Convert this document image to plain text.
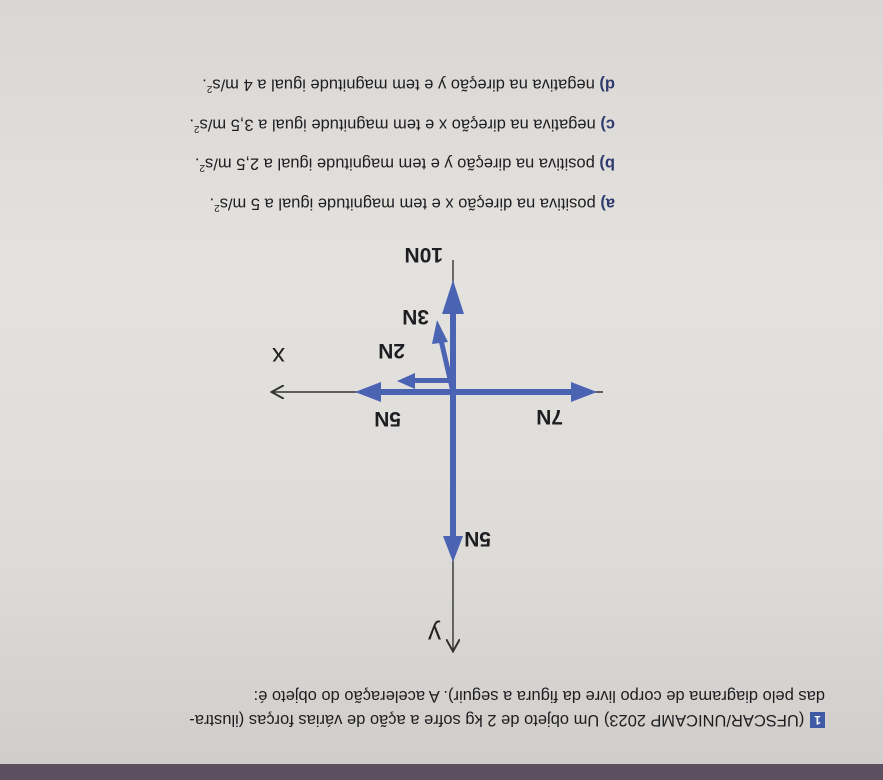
1(UFSCAR/UNICAMP 2023) Um objeto de 2 kg sofre a ação de várias forças (ilustra-
das pelo diagrama de corpo livre da figura a seguir). A aceleração do objeto é:
y
x
5N
7N
5N
2N
3N
10N
a) positiva na direção x e tem magnitude igual a 5 $m/s^2$.
b) positiva na direção y e tem magnitude igual a 2,5 $m/s^2$.
c) negativa na direção x e tem magnitude igual a 3,5 $m/s^2$.
d) negativa na direção y e tem magnitude igual a 4 $m/s^2$.
